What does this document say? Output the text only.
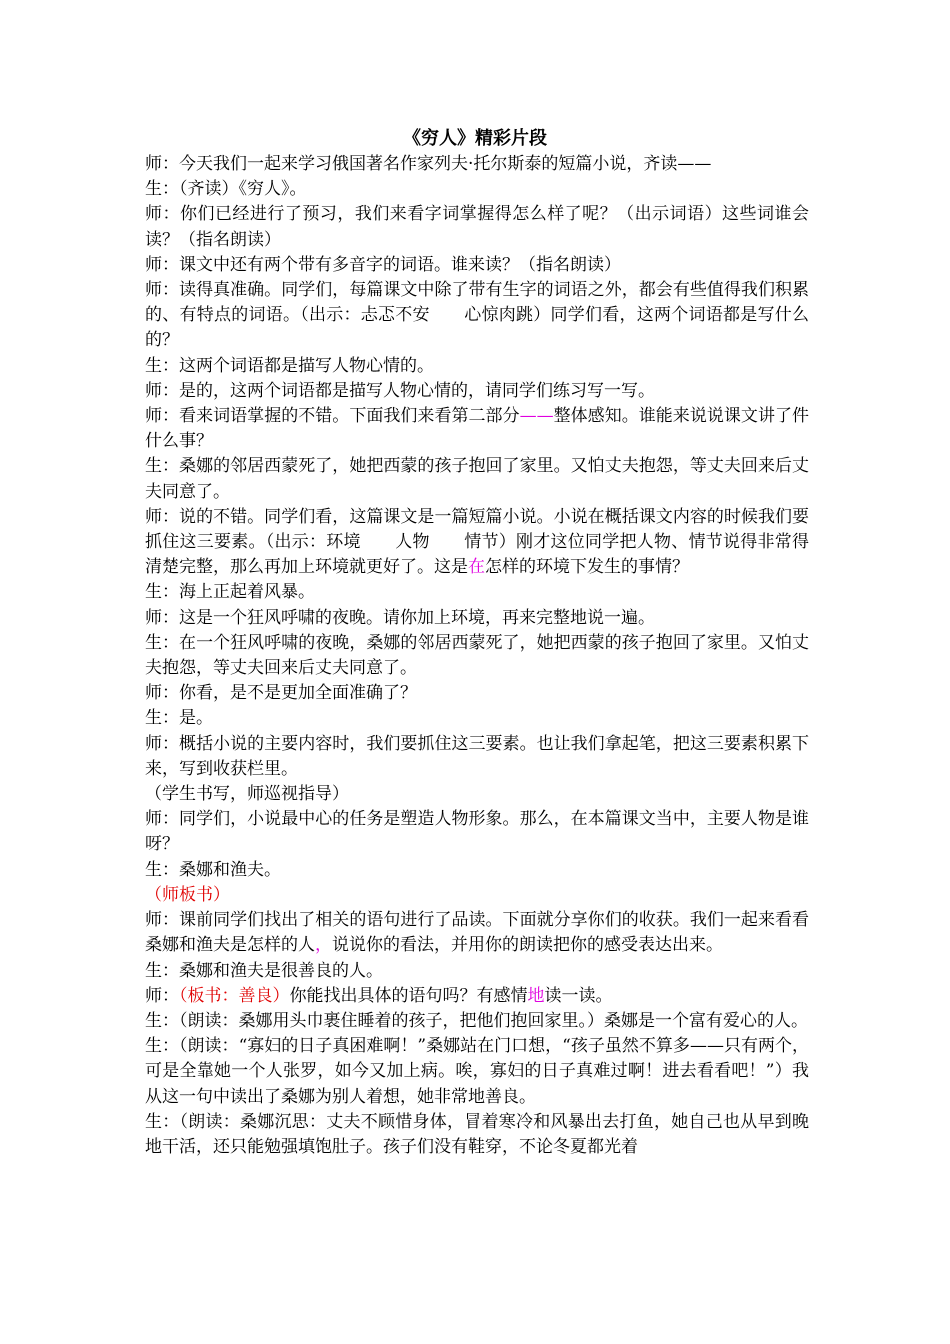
《穷人》精彩片段

师：今天我们一起来学习俄国著名作家列夫·托尔斯泰的短篇小说，齐读——

生：（齐读）《穷人》。

师：你们已经进行了预习，我们来看字词掌握得怎么样了呢？（出示词语）这些词谁会读？（指名朗读）

师：课文中还有两个带有多音字的词语。谁来读？（指名朗读）

师：读得真准确。同学们，每篇课文中除了带有生字的词语之外，都会有些值得我们积累的、有特点的词语。（出示：忐忑不安　　心惊肉跳）同学们看，这两个词语都是写什么的？

生：这两个词语都是描写人物心情的。

师：是的，这两个词语都是描写人物心情的，请同学们练习写一写。

师：看来词语掌握的不错。下面我们来看第二部分——整体感知。谁能来说说课文讲了件什么事？

生：桑娜的邻居西蒙死了，她把西蒙的孩子抱回了家里。又怕丈夫抱怨，等丈夫回来后丈夫同意了。

师：说的不错。同学们看，这篇课文是一篇短篇小说。小说在概括课文内容的时候我们要抓住这三要素。（出示：环境　　人物　　情节）刚才这位同学把人物、情节说得非常得清楚完整，那么再加上环境就更好了。这是在怎样的环境下发生的事情？

生：海上正起着风暴。

师：这是一个狂风呼啸的夜晚。请你加上环境，再来完整地说一遍。

生：在一个狂风呼啸的夜晚，桑娜的邻居西蒙死了，她把西蒙的孩子抱回了家里。又怕丈夫抱怨，等丈夫回来后丈夫同意了。

师：你看，是不是更加全面准确了？

生：是。

师：概括小说的主要内容时，我们要抓住这三要素。也让我们拿起笔，把这三要素积累下来，写到收获栏里。

（学生书写，师巡视指导）

师：同学们，小说最中心的任务是塑造人物形象。那么，在本篇课文当中，主要人物是谁呀？

生：桑娜和渔夫。

（师板书）

师：课前同学们找出了相关的语句进行了品读。下面就分享你们的收获。我们一起来看看桑娜和渔夫是怎样的人，说说你的看法，并用你的朗读把你的感受表达出来。

生：桑娜和渔夫是很善良的人。

师：（板书：善良）你能找出具体的语句吗？有感情地读一读。

生：（朗读：桑娜用头巾裹住睡着的孩子，把他们抱回家里。）桑娜是一个富有爱心的人。

生：（朗读：“寡妇的日子真困难啊！”桑娜站在门口想，“孩子虽然不算多——只有两个，可是全靠她一个人张罗，如今又加上病。唉，寡妇的日子真难过啊！进去看看吧！”）我从这一句中读出了桑娜为别人着想，她非常地善良。

生：（朗读：桑娜沉思：丈夫不顾惜身体，冒着寒冷和风暴出去打鱼，她自己也从早到晚地干活，还只能勉强填饱肚子。孩子们没有鞋穿，不论冬夏都光着
